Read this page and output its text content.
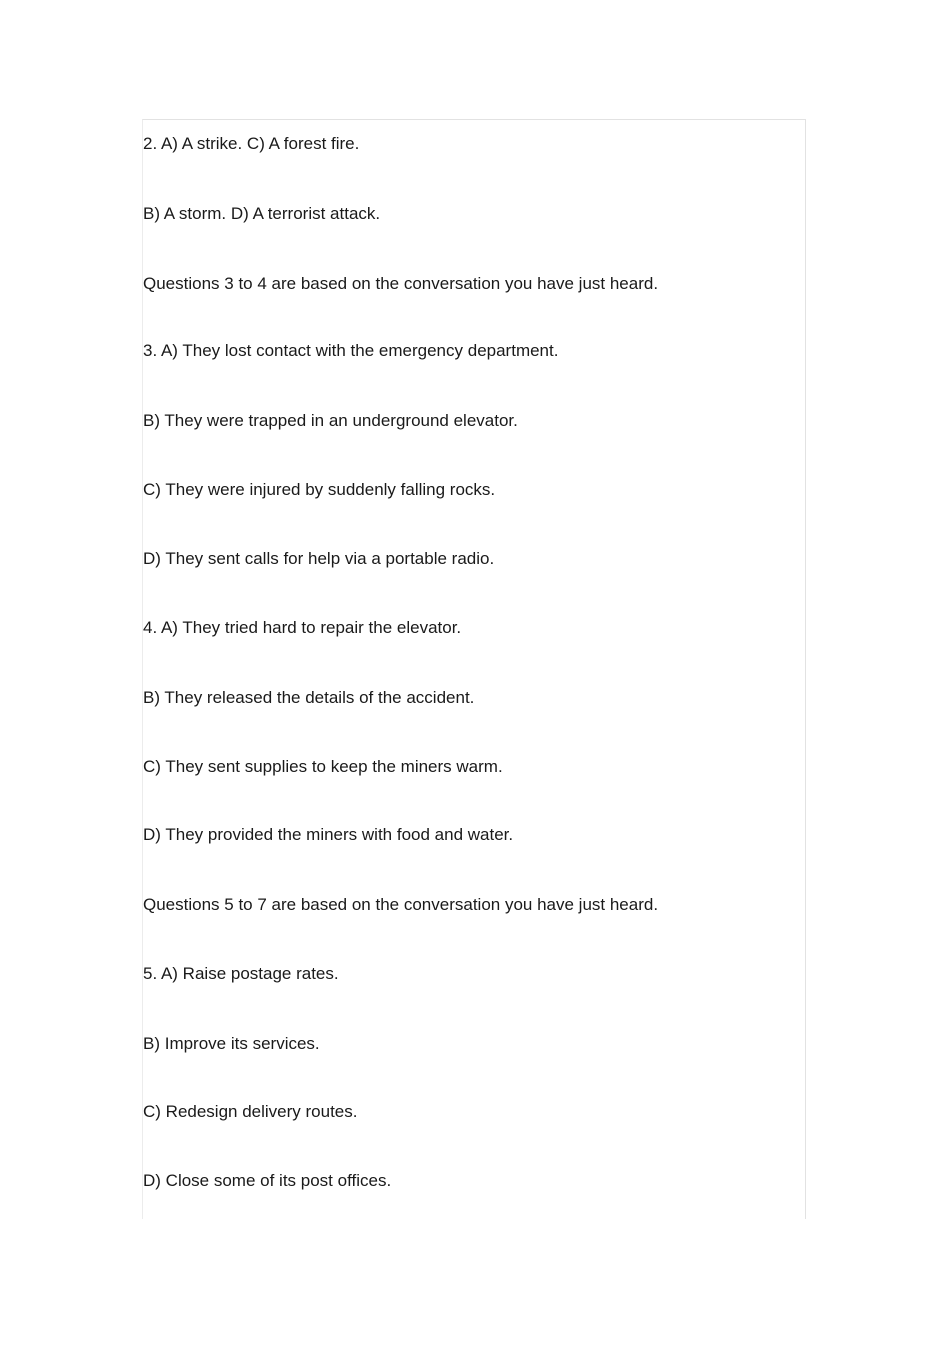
2. A) A strike. C) A forest fire.
B) A storm. D) A terrorist attack.
Questions 3 to 4 are based on the conversation you have just heard.
3. A) They lost contact with the emergency department.
B) They were trapped in an underground elevator.
C) They were injured by suddenly falling rocks.
D) They sent calls for help via a portable radio.
4. A) They tried hard to repair the elevator.
B) They released the details of the accident.
C) They sent supplies to keep the miners warm.
D) They provided the miners with food and water.
Questions 5 to 7 are based on the conversation you have just heard.
5. A) Raise postage rates.
B) Improve its services.
C) Redesign delivery routes.
D) Close some of its post offices.
